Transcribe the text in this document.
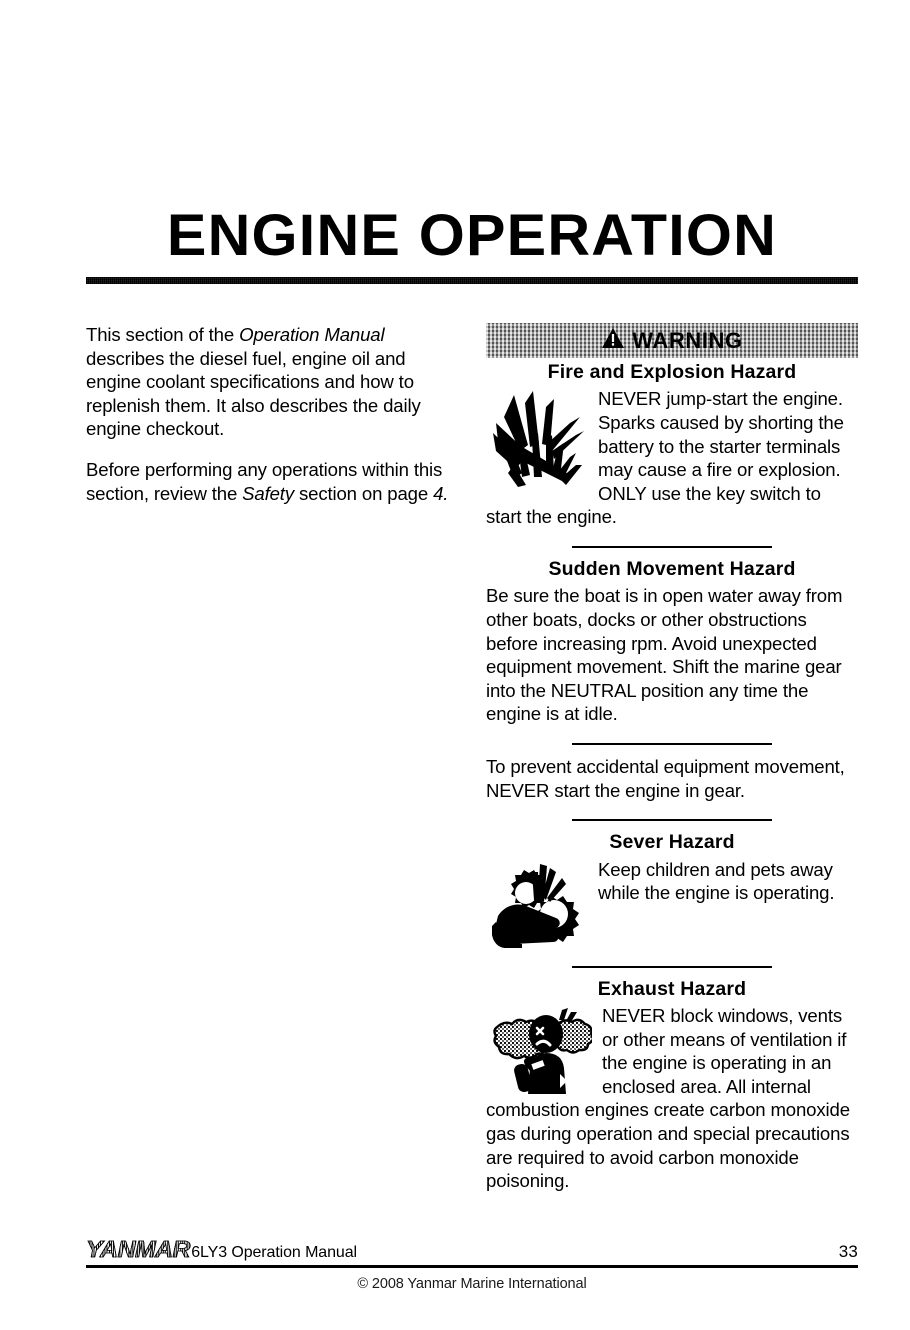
ENGINE OPERATION

This section of the Operation Manual describes the diesel fuel, engine oil and engine coolant specifications and how to replenish them. It also describes the daily engine checkout.

Before performing any operations within this section, review the Safety section on page 4.

WARNING
Fire and Explosion Hazard

NEVER jump-start the engine. Sparks caused by shorting the battery to the starter terminals may cause a fire or explosion. ONLY use the key switch to start the engine.

Sudden Movement Hazard

Be sure the boat is in open water away from other boats, docks or other obstructions before increasing rpm. Avoid unexpected equipment movement. Shift the marine gear into the NEUTRAL position any time the engine is at idle.

To prevent accidental equipment movement, NEVER start the engine in gear.

Sever Hazard

Keep children and pets away while the engine is operating.

Exhaust Hazard

NEVER block windows, vents or other means of ventilation if the engine is operating in an enclosed area. All internal combustion engines create carbon monoxide gas during operation and special precautions are required to avoid carbon monoxide poisoning.

YANMAR 6LY3 Operation Manual	33
© 2008 Yanmar Marine International
